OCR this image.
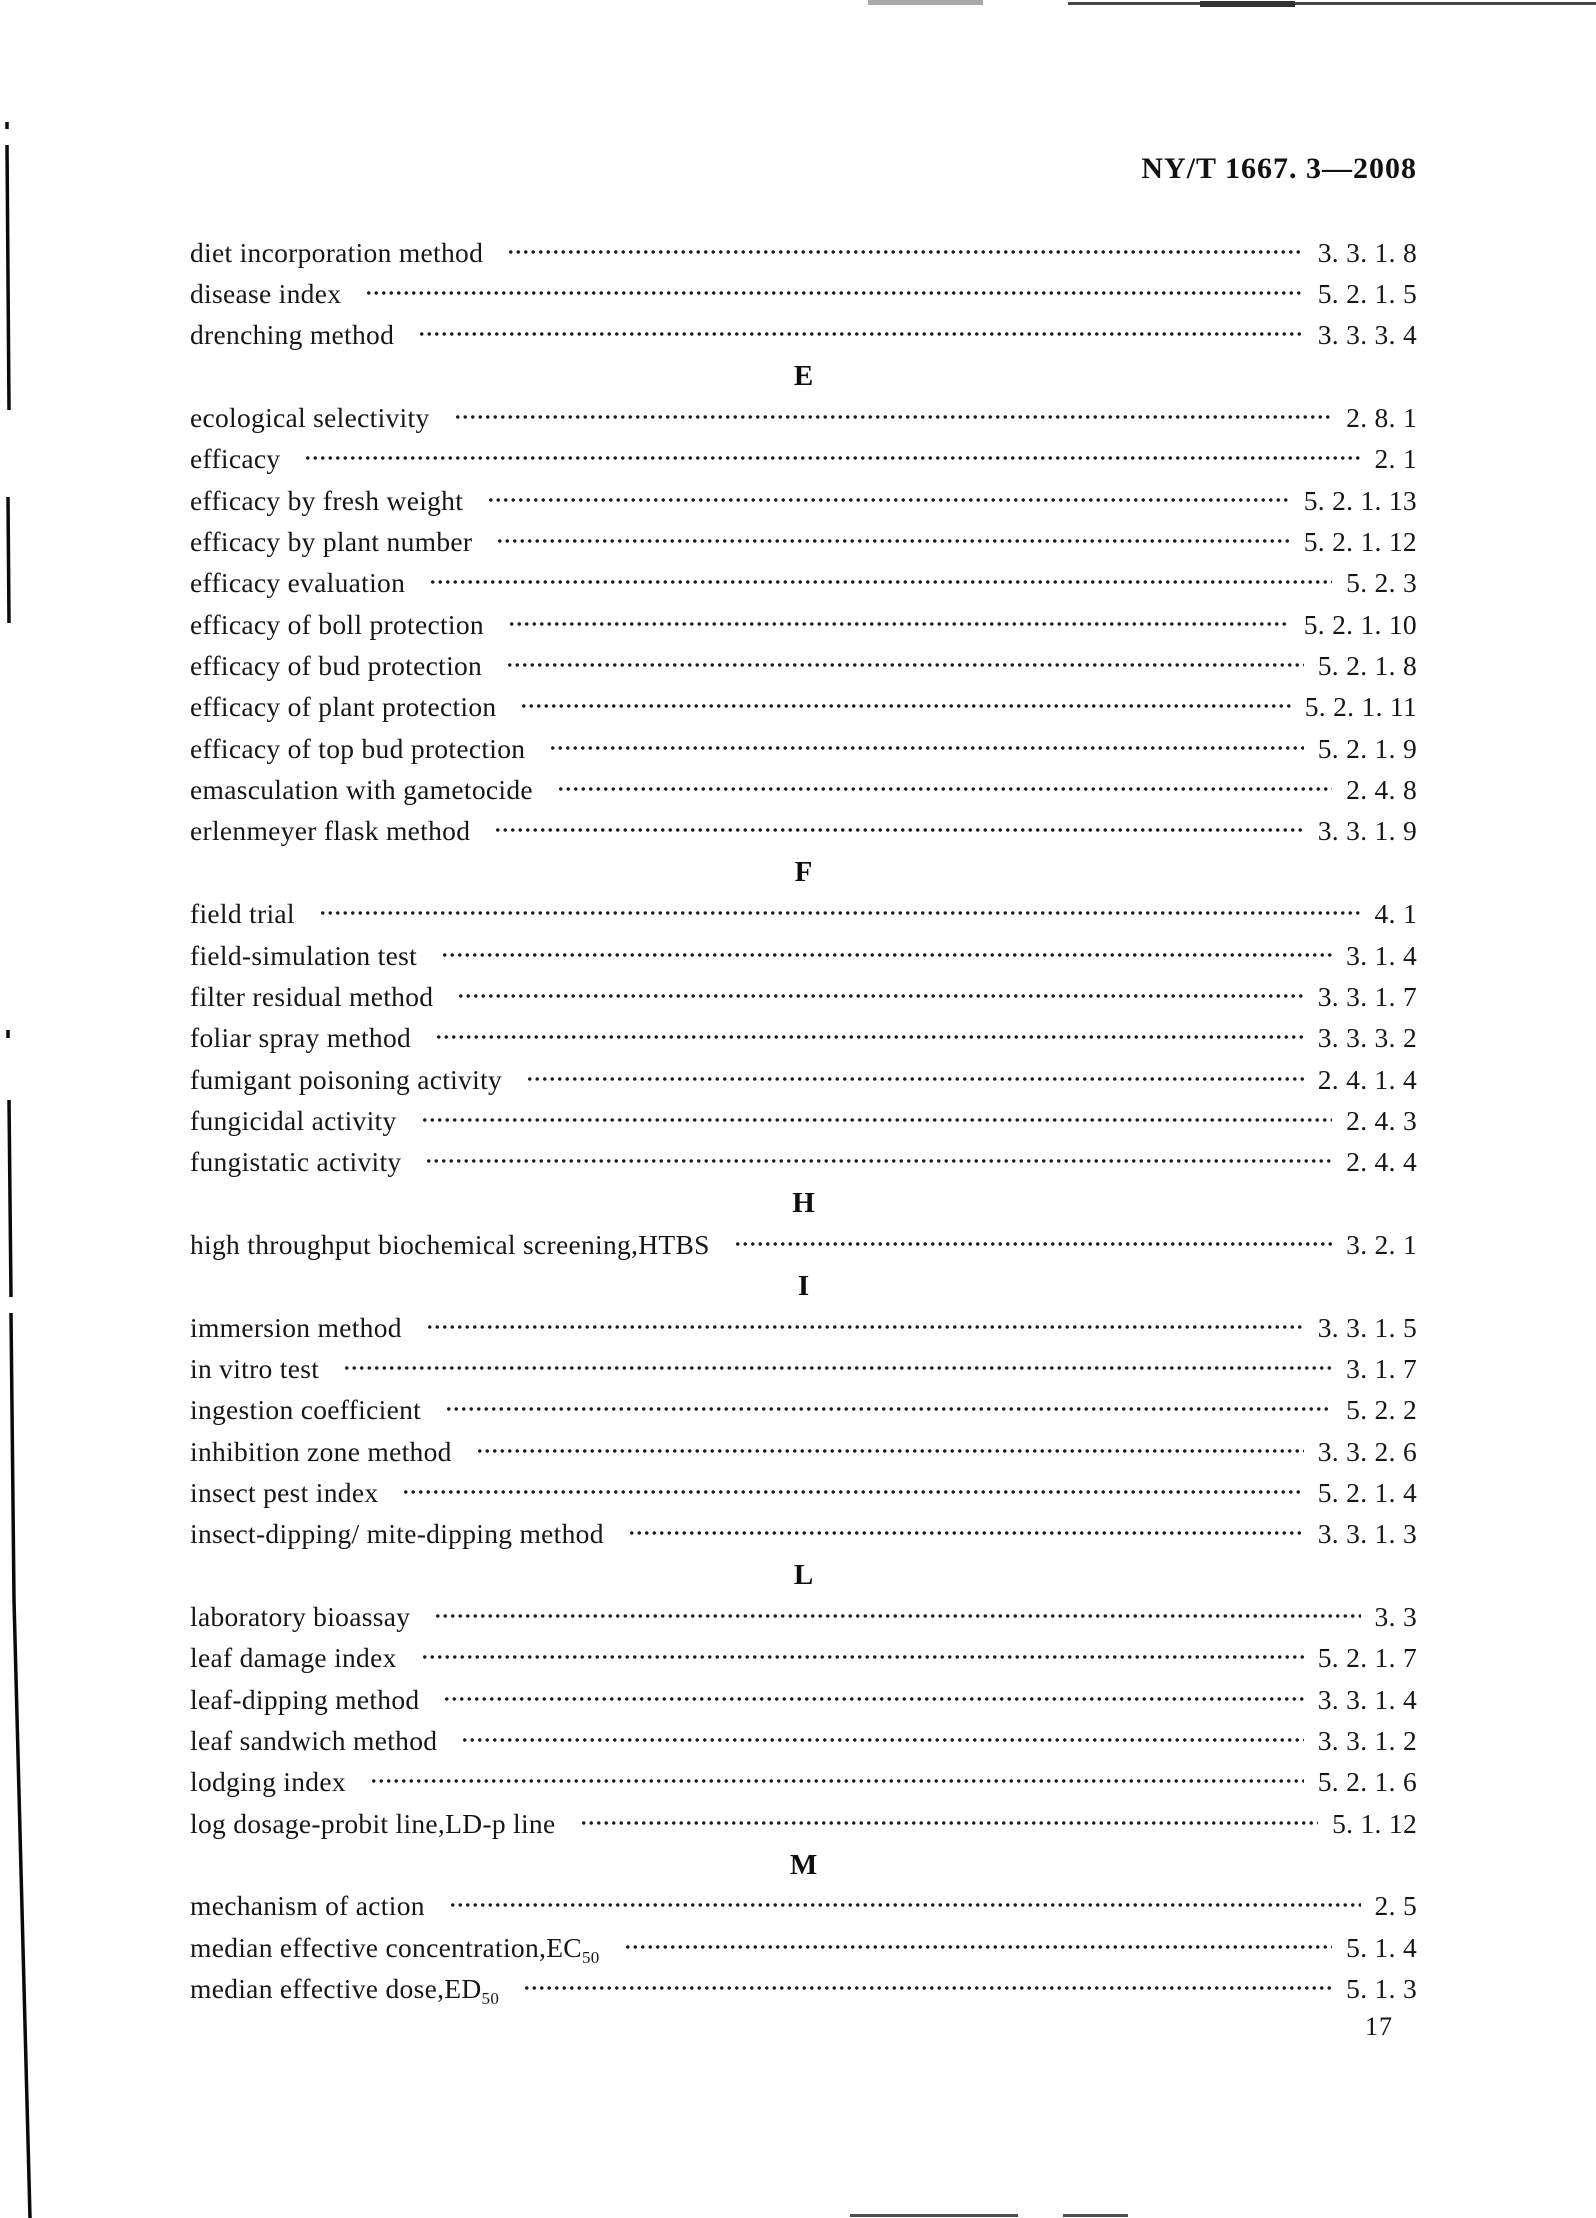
NY/T 1667. 3—2008
diet incorporation method	3. 3. 1. 8
disease index	5. 2. 1. 5
drenching method	3. 3. 3. 4
E
ecological selectivity	2. 8. 1
efficacy	2. 1
efficacy by fresh weight	5. 2. 1. 13
efficacy by plant number	5. 2. 1. 12
efficacy evaluation	5. 2. 3
efficacy of boll protection	5. 2. 1. 10
efficacy of bud protection	5. 2. 1. 8
efficacy of plant protection	5. 2. 1. 11
efficacy of top bud protection	5. 2. 1. 9
emasculation with gametocide	2. 4. 8
erlenmeyer flask method	3. 3. 1. 9
F
field trial	4. 1
field-simulation test	3. 1. 4
filter residual method	3. 3. 1. 7
foliar spray method	3. 3. 3. 2
fumigant poisoning activity	2. 4. 1. 4
fungicidal activity	2. 4. 3
fungistatic activity	2. 4. 4
H
high throughput biochemical screening,HTBS	3. 2. 1
I
immersion method	3. 3. 1. 5
in vitro test	3. 1. 7
ingestion coefficient	5. 2. 2
inhibition zone method	3. 3. 2. 6
insect pest index	5. 2. 1. 4
insect-dipping/ mite-dipping method	3. 3. 1. 3
L
laboratory bioassay	3. 3
leaf damage index	5. 2. 1. 7
leaf-dipping method	3. 3. 1. 4
leaf sandwich method	3. 3. 1. 2
lodging index	5. 2. 1. 6
log dosage-probit line,LD-p line	5. 1. 12
M
mechanism of action	2. 5
median effective $concentration,EC_{50}$	5. 1. 4
median effective $dose,ED_{50}$	5. 1. 3
17
